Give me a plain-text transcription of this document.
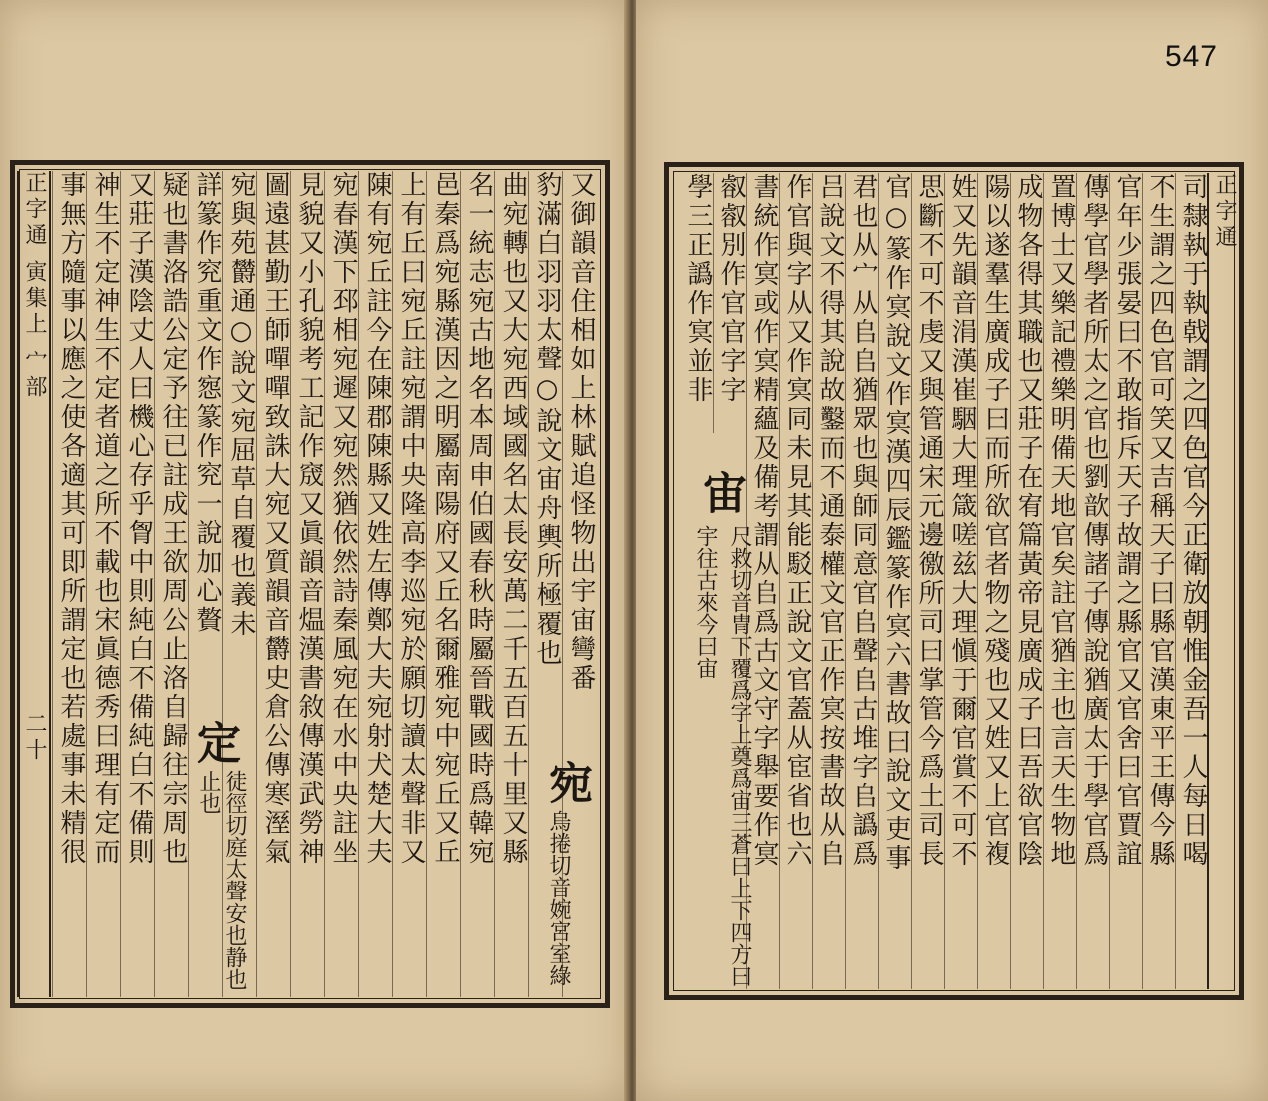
又御韻音住相如上林賦追怪物出宇宙彎番
豹滿白羽羽太聲○說文宙舟輿所極覆也
曲宛轉也又大宛西域國名太長安萬二千五百五十里又縣
名一統志宛古地名本周申伯國春秋時屬晉戰國時爲韓宛
邑秦爲宛縣漢因之明屬南陽府又丘名爾雅宛中宛丘又丘
上有丘曰宛丘註宛謂中央隆高李巡宛於願切讀太聲非又
陳有宛丘註今在陳郡陳縣又姓左傳鄭大夫宛射犬楚大夫
宛春漢下邳相宛遲又宛然猶依然詩秦風宛在水中央註坐
見貌又小孔貌考工記作窚又眞韻音煴漢書敘傳漢武勞神
圖遠甚勤王師嘽嘽致誅大宛又質韻音欝史倉公傳寒溼氣
宛與苑欝通○說文宛屈草自覆也義未
詳篆作䆓重文作惌篆作䆓一說加心贅
疑也書洛誥公定予往已註成王欲周公止洛自歸往宗周也
又莊子漢陰丈人曰機心存乎胷中則純白不備純白不備則
神生不定神生不定者道之所不載也宋眞德秀曰理有定而
事無方隨事以應之使各適其可即所謂定也若處事未精很
正字通 寅集上 宀部 二十
宛
烏捲切音婉宮室綠
定
徒徑切庭太聲安也静也止也
547
正字通
司隸執于執戟謂之四色官今正衛放朝惟金吾一人每日喝
不生謂之四色官可笑又吉稱天子曰縣官漢東平王傳今縣
官年少張晏曰不敢指斥天子故謂之縣官又官舍曰官賈誼
傳學官學者所太之官也劉歆傳諸子傳說猶廣太于學官爲
置博士又樂記禮樂明備天地官矣註官猶主也言天生物地
成物各得其職也又莊子在宥篇黃帝見廣成子曰吾欲官陰
陽以遂羣生廣成子曰而所欲官者物之殘也又姓又上官複
姓又先韻音涓漢崔駰大理箴嗟兹大理愼于爾官賞不可不
思斷不可不虔又與管通宋元邊徼所司曰掌管今爲土司長
官○篆作㝠說文作㝠漢四辰鑑篆作㝠六書故曰說文吏事
君也从宀从𠂤𠂤猶眾也與師同意官𠂤聲𠂤古堆字𠂤譌爲
吕說文不得其說故鑿而不通泰權文官正作㝠按書故从𠂤
作官與字从又作㝠同未見其能駁正說文官蓋从宦省也六
書統作㝠或作㝠精蘊及備考謂从𠂤爲古文守字舉要作㝠
㕡㕡別作官官字字
學三正譌作㝠並非
宙
尺救切音冑下覆爲字上奠爲宙三蒼曰上下四方曰宇往古來今曰宙
